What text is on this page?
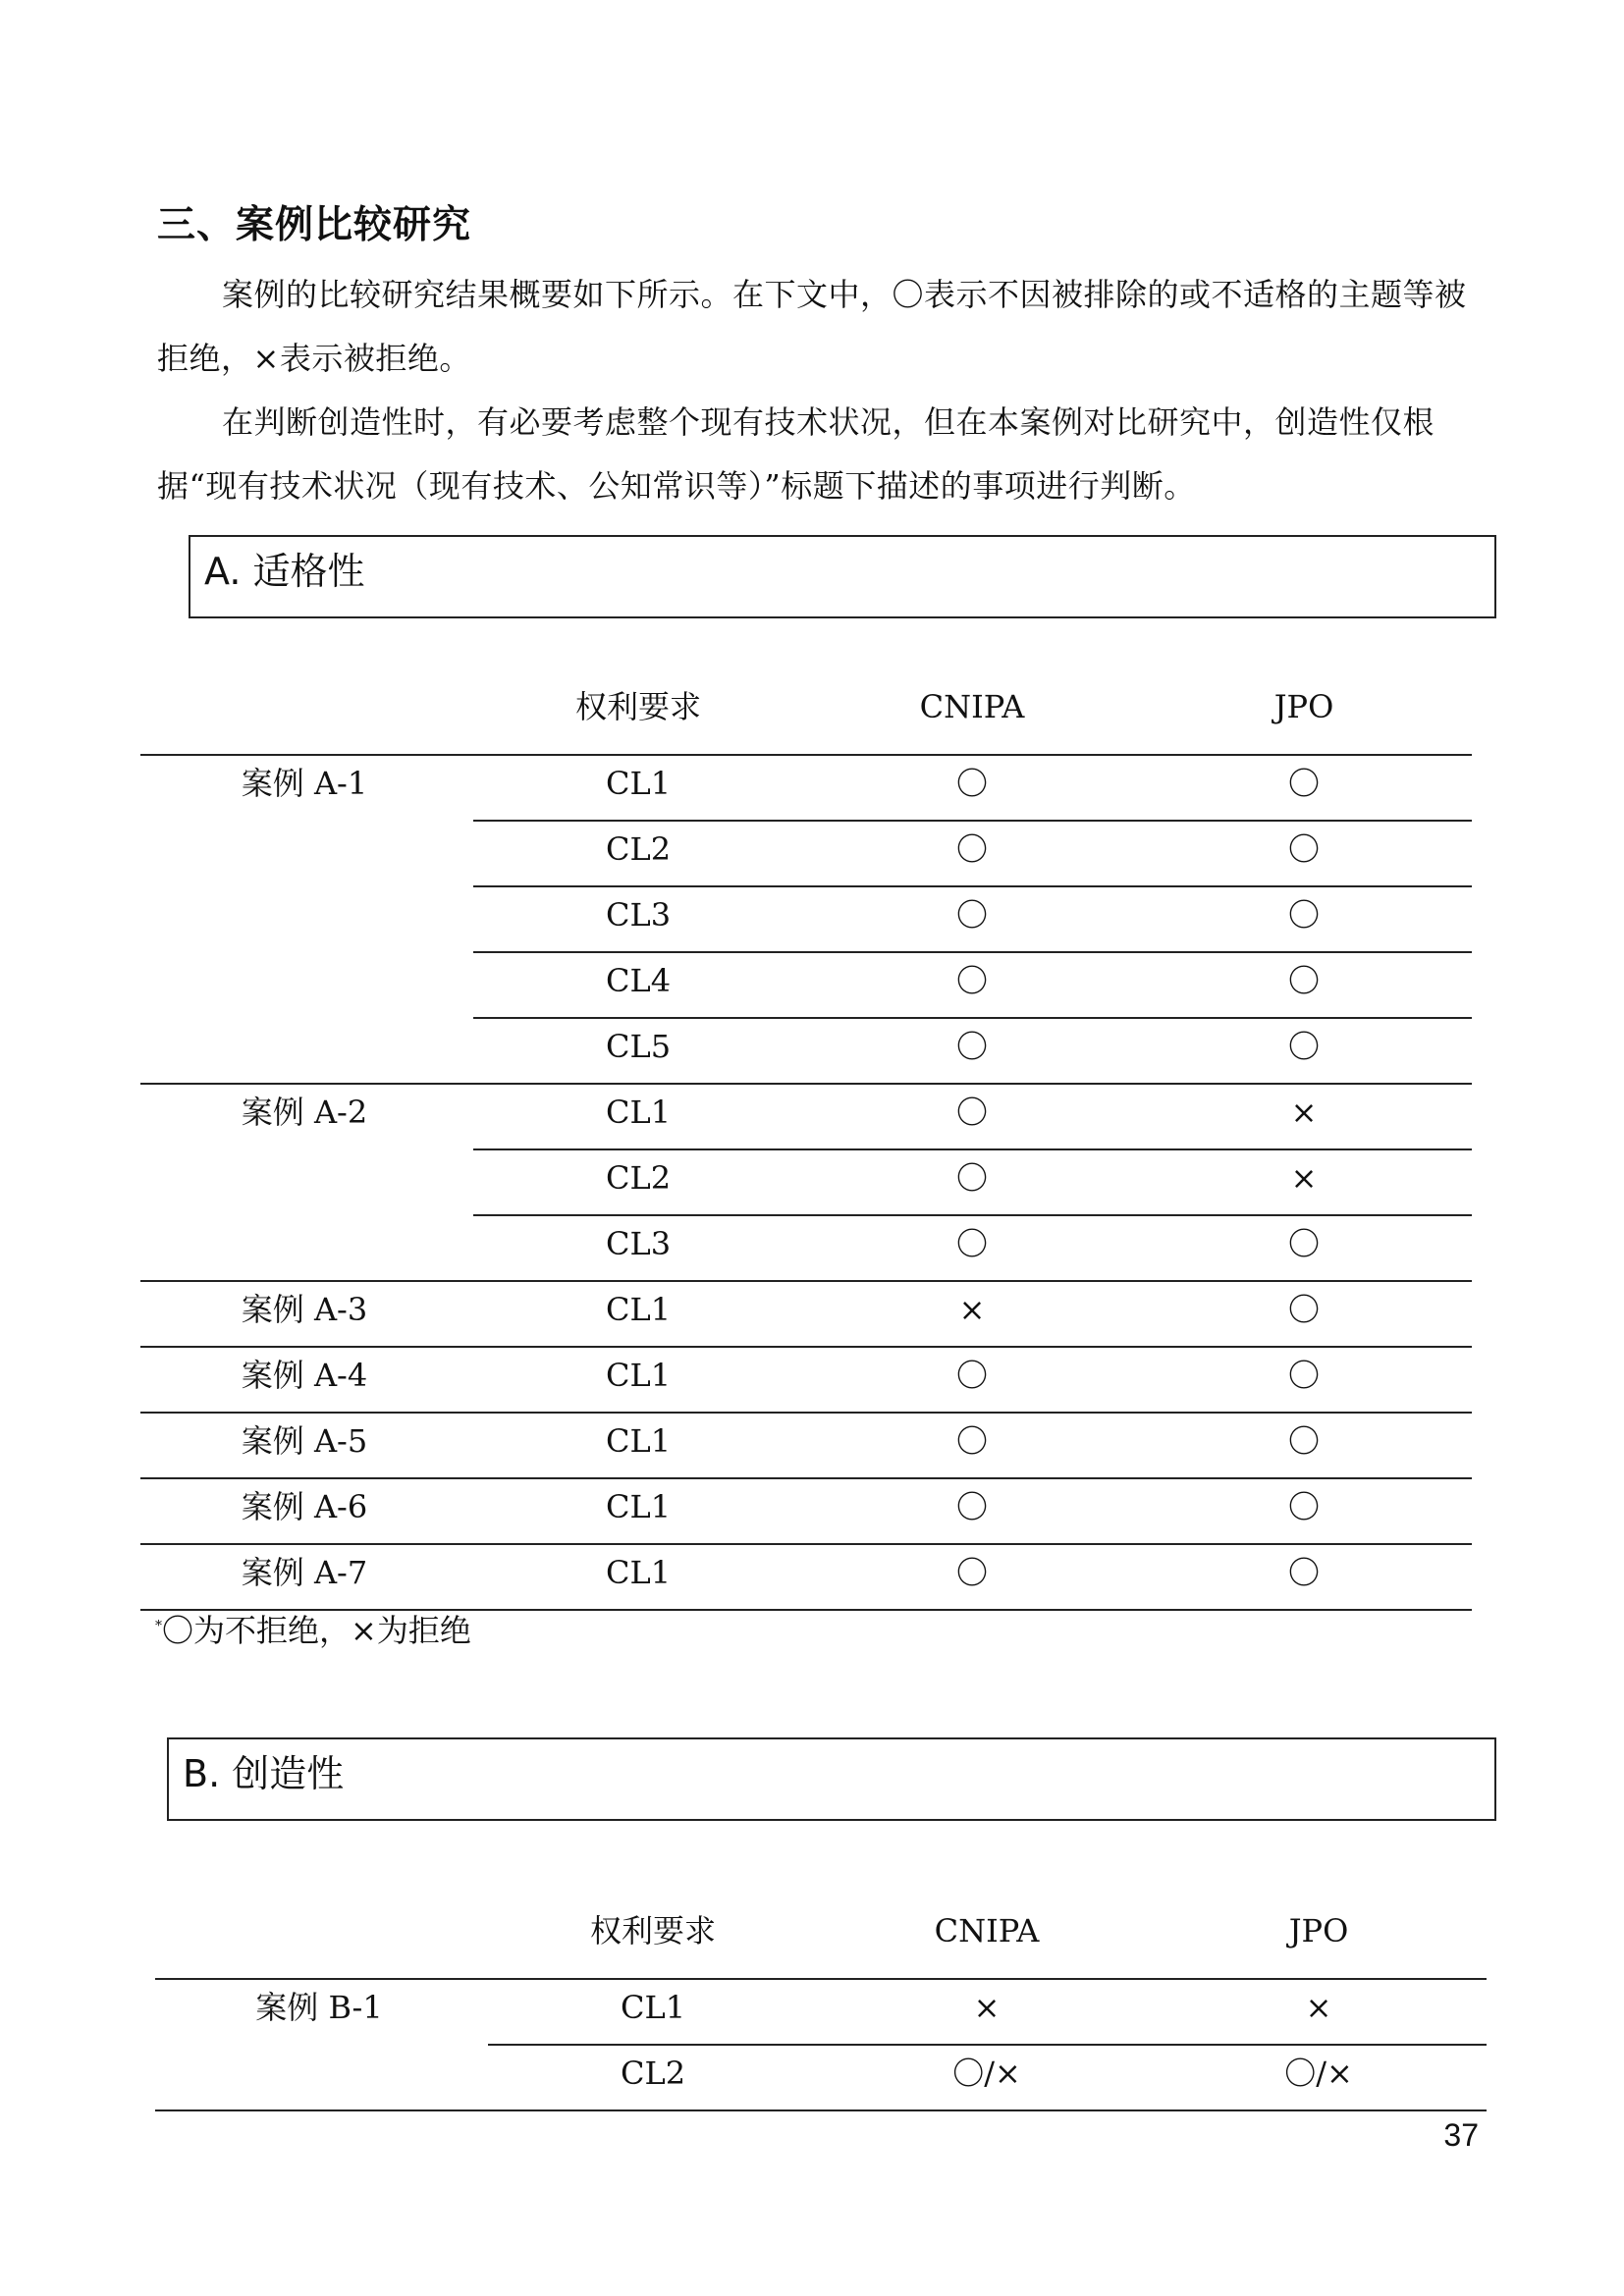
三、案例比较研究
案例的比较研究结果概要如下所示。在下文中，〇表示不因被排除的或不适格的主题等被拒绝，×表示被拒绝。
在判断创造性时，有必要考虑整个现有技术状况，但在本案例对比研究中，创造性仅根据“现有技术状况（现有技术、公知常识等）”标题下描述的事项进行判断。
A. 适格性
权利要求	CNIPA	JPO
案例 A-1	CL1	〇	〇
CL2	〇	〇
CL3	〇	〇
CL4	〇	〇
CL5	〇	〇
案例 A-2	CL1	〇	×
CL2	〇	×
CL3	〇	〇
案例 A-3	CL1	×	〇
案例 A-4	CL1	〇	〇
案例 A-5	CL1	〇	〇
案例 A-6	CL1	〇	〇
案例 A-7	CL1	〇	〇
*〇为不拒绝，×为拒绝
B. 创造性
权利要求	CNIPA	JPO
案例 B-1	CL1	×	×
CL2	〇/×	〇/×
37
